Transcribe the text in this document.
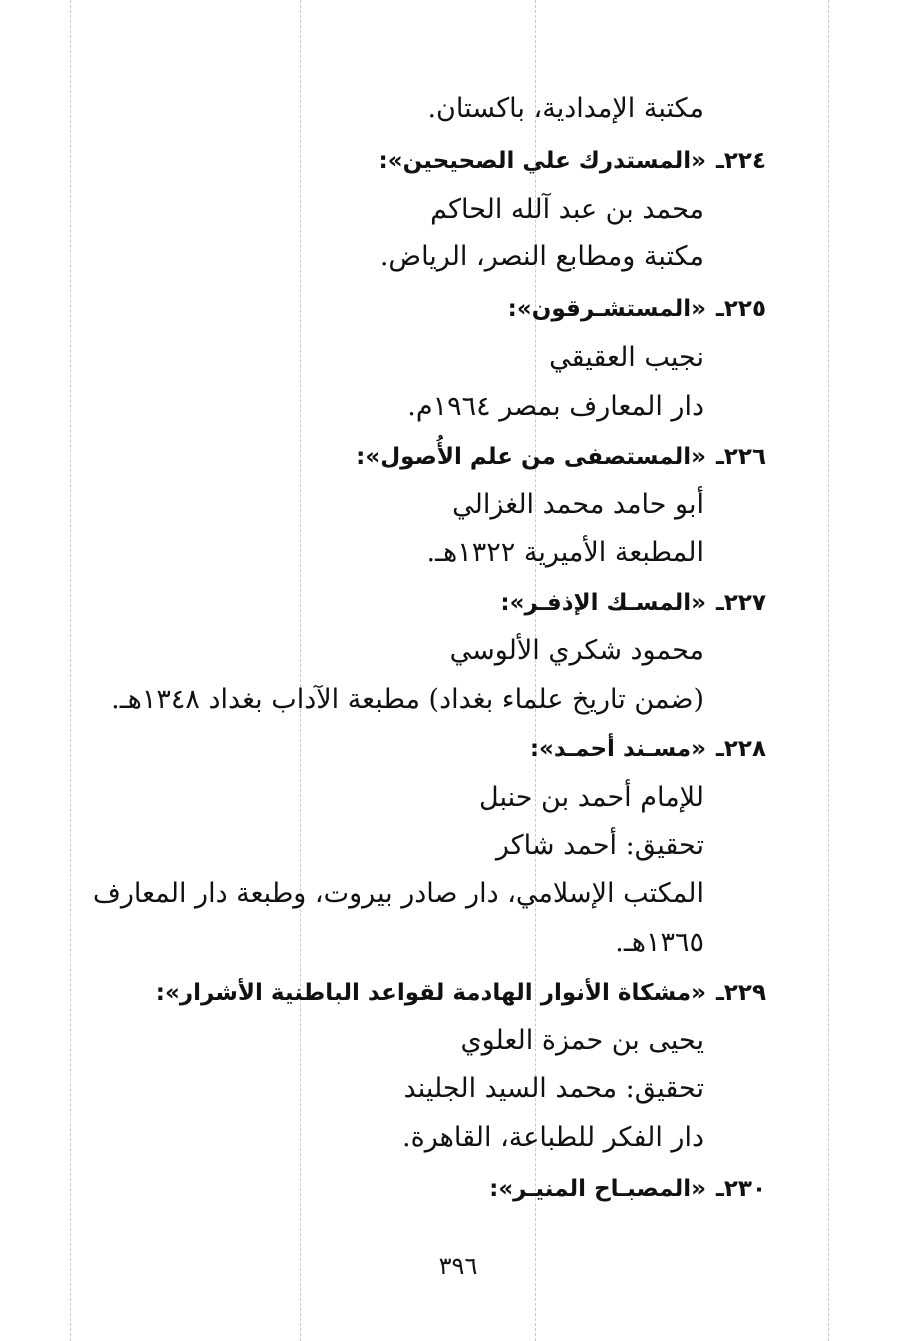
مكتبة الإمدادية، باكستان.
٢٢٤ـ«المستدرك علي الصحيحين»:
محمد بن عبد آلله الحاكم
مكتبة ومطابع النصر، الرياض.
٢٢٥ـ«المستشـرقون»:
نجيب العقيقي
دار المعارف بمصر ١٩٦٤م.
٢٢٦ـ«المستصفى من علم الأُصول»:
أبو حامد محمد الغزالي
المطبعة الأميرية ١٣٢٢هـ.
٢٢٧ـ«المسـك الإذفـر»:
محمود شكري الألوسي
(ضمن تاريخ علماء بغداد) مطبعة الآداب بغداد ١٣٤٨هـ.
٢٢٨ـ«مسـند أحمـد»:
للإمام أحمد بن حنبل
تحقيق: أحمد شاكر
المكتب الإسلامي، دار صادر بيروت، وطبعة دار المعارف
١٣٦٥هـ.
٢٢٩ـ«مشكاة الأنوار الهادمة لقواعد الباطنية الأشرار»:
يحيى بن حمزة العلوي
تحقيق: محمد السيد الجليند
دار الفكر للطباعة، القاهرة.
٢٣٠ـ«المصبـاح المنيـر»:
٣٩٦
